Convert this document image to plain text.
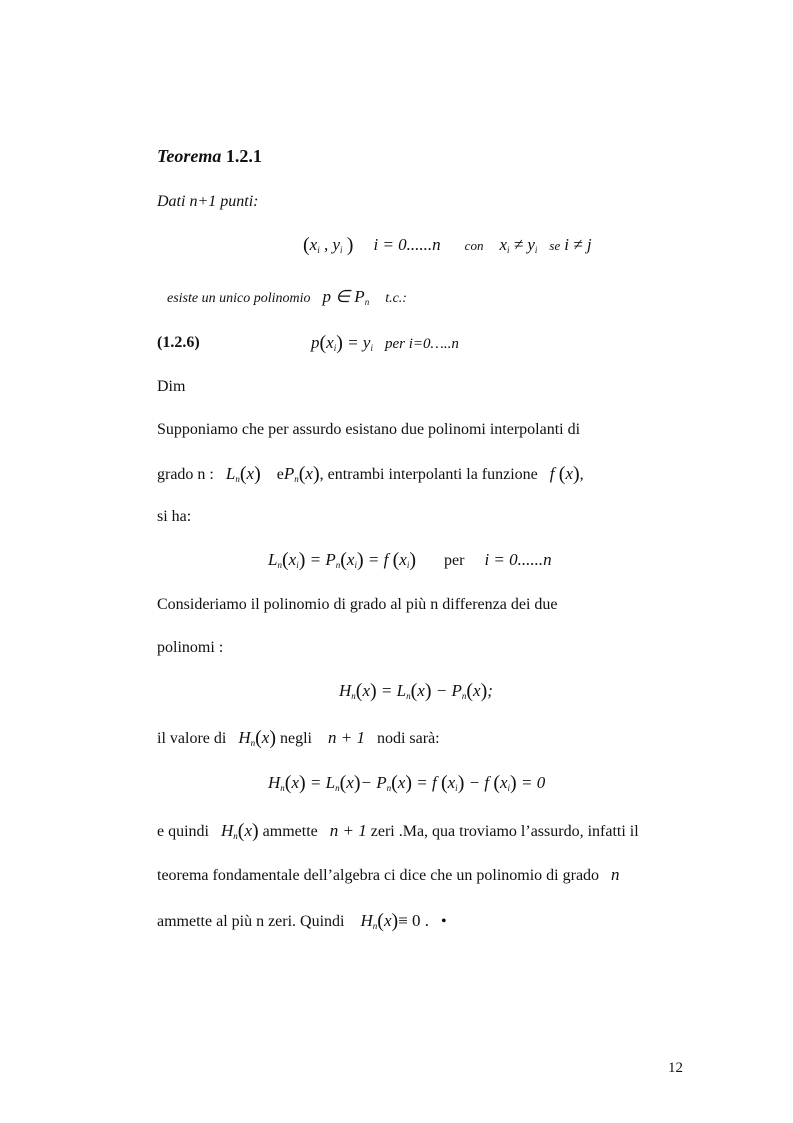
Teorema 1.2.1
Dati n+1 punti:
($x_i$ , $y_i$ ) i = 0......n con $x_i \ne y_i$ se i ≠ j
esiste un unico polinomio p ∈ $P_n$ t.c.:
(1.2.6)	$p(x_i) = y_i$ per i=0…..n
Dim
Supponiamo che per assurdo esistano due polinomi interpolanti di
grado n : $L_n(x)$ $eP_n(x)$, entrambi interpolanti la funzione f (x),
si ha:
$L_n(x_i) = P_n(x_i) = f$ $(x_i)$ per i = 0......n
Consideriamo il polinomio di grado al più n differenza dei due
polinomi :
$H_n(x) = L_n(x) - P_n(x)$;
il valore di $H_n(x)$ negli n + 1 nodi sarà:
$H_n(x) = L_n(x)- P_n(x) = f$ $(x_i) - f$ $(x_i) = 0$
e quindi $H_n(x)$ ammette n + 1 zeri .Ma, qua troviamo l’assurdo, infatti il
teorema fondamentale dell’algebra ci dice che un polinomio di grado n
ammette al più n zeri. Quindi $H_n(x)\equiv 0$ . •
12
